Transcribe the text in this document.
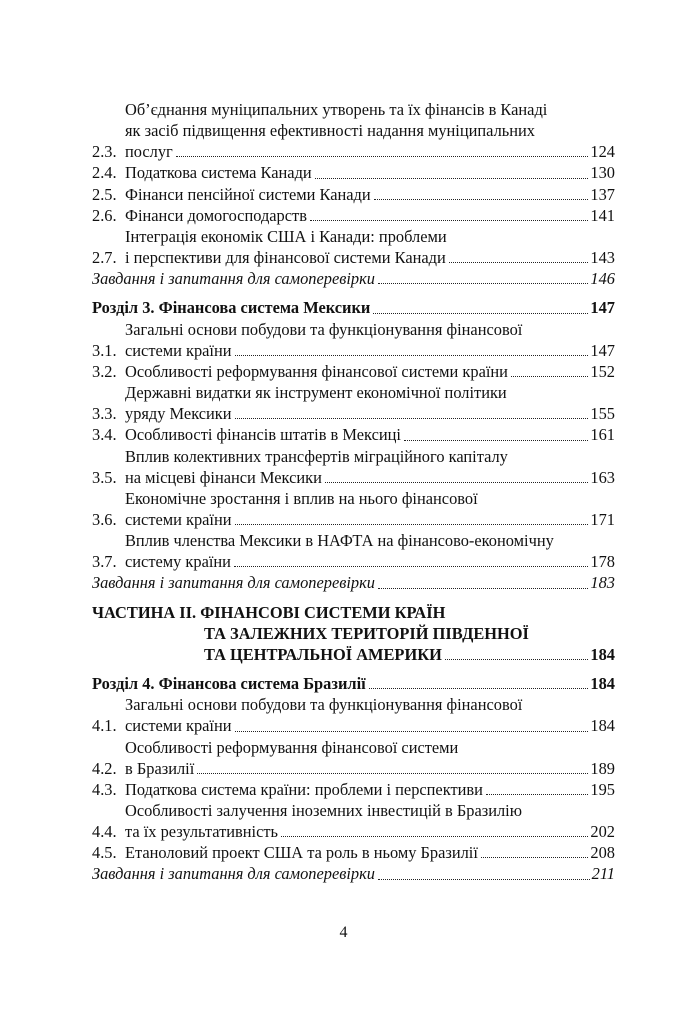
2.3.
Об’єднання муніципальних утворень та їх фінансів в Канаді
як засіб підвищення ефективності надання муніципальних
послуг	124
2.4. Податкова система Канади	130
2.5. Фінанси пенсійної системи Канади	137
2.6. Фінанси домогосподарств	141
2.7.
Інтеграція економік США і Канади: проблеми
і перспективи для фінансової системи Канади	143
Завдання і запитання для самоперевірки	146
Розділ 3. Фінансова система Мексики	147
3.1.
Загальні основи побудови та функціонування фінансової
системи країни	147
3.2. Особливості реформування фінансової системи країни	152
3.3.
Державні видатки як інструмент економічної політики
уряду Мексики	155
3.4. Особливості фінансів штатів в Мексиці	161
3.5.
Вплив колективних трансфертів міграційного капіталу
на місцеві фінанси Мексики	163
3.6.
Економічне зростання і вплив на нього фінансової
системи країни	171
3.7.
Вплив членства Мексики в НАФТА на фінансово-економічну
систему країни	178
Завдання і запитання для самоперевірки	183
ЧАСТИНА ІІ. ФІНАНСОВІ СИСТЕМИ КРАЇН
ТА ЗАЛЕЖНИХ ТЕРИТОРІЙ ПІВДЕННОЇ
ТА ЦЕНТРАЛЬНОЇ АМЕРИКИ	184
Розділ 4. Фінансова система Бразилії	184
4.1.
Загальні основи побудови та функціонування фінансової
системи країни	184
4.2.
Особливості реформування фінансової системи
в Бразилії	189
4.3. Податкова система країни: проблеми і перспективи	195
4.4.
Особливості залучення іноземних інвестицій в Бразилію
та їх результативність	202
4.5. Етаноловий проект США та роль в ньому Бразилії	208
Завдання і запитання для самоперевірки	211
4
